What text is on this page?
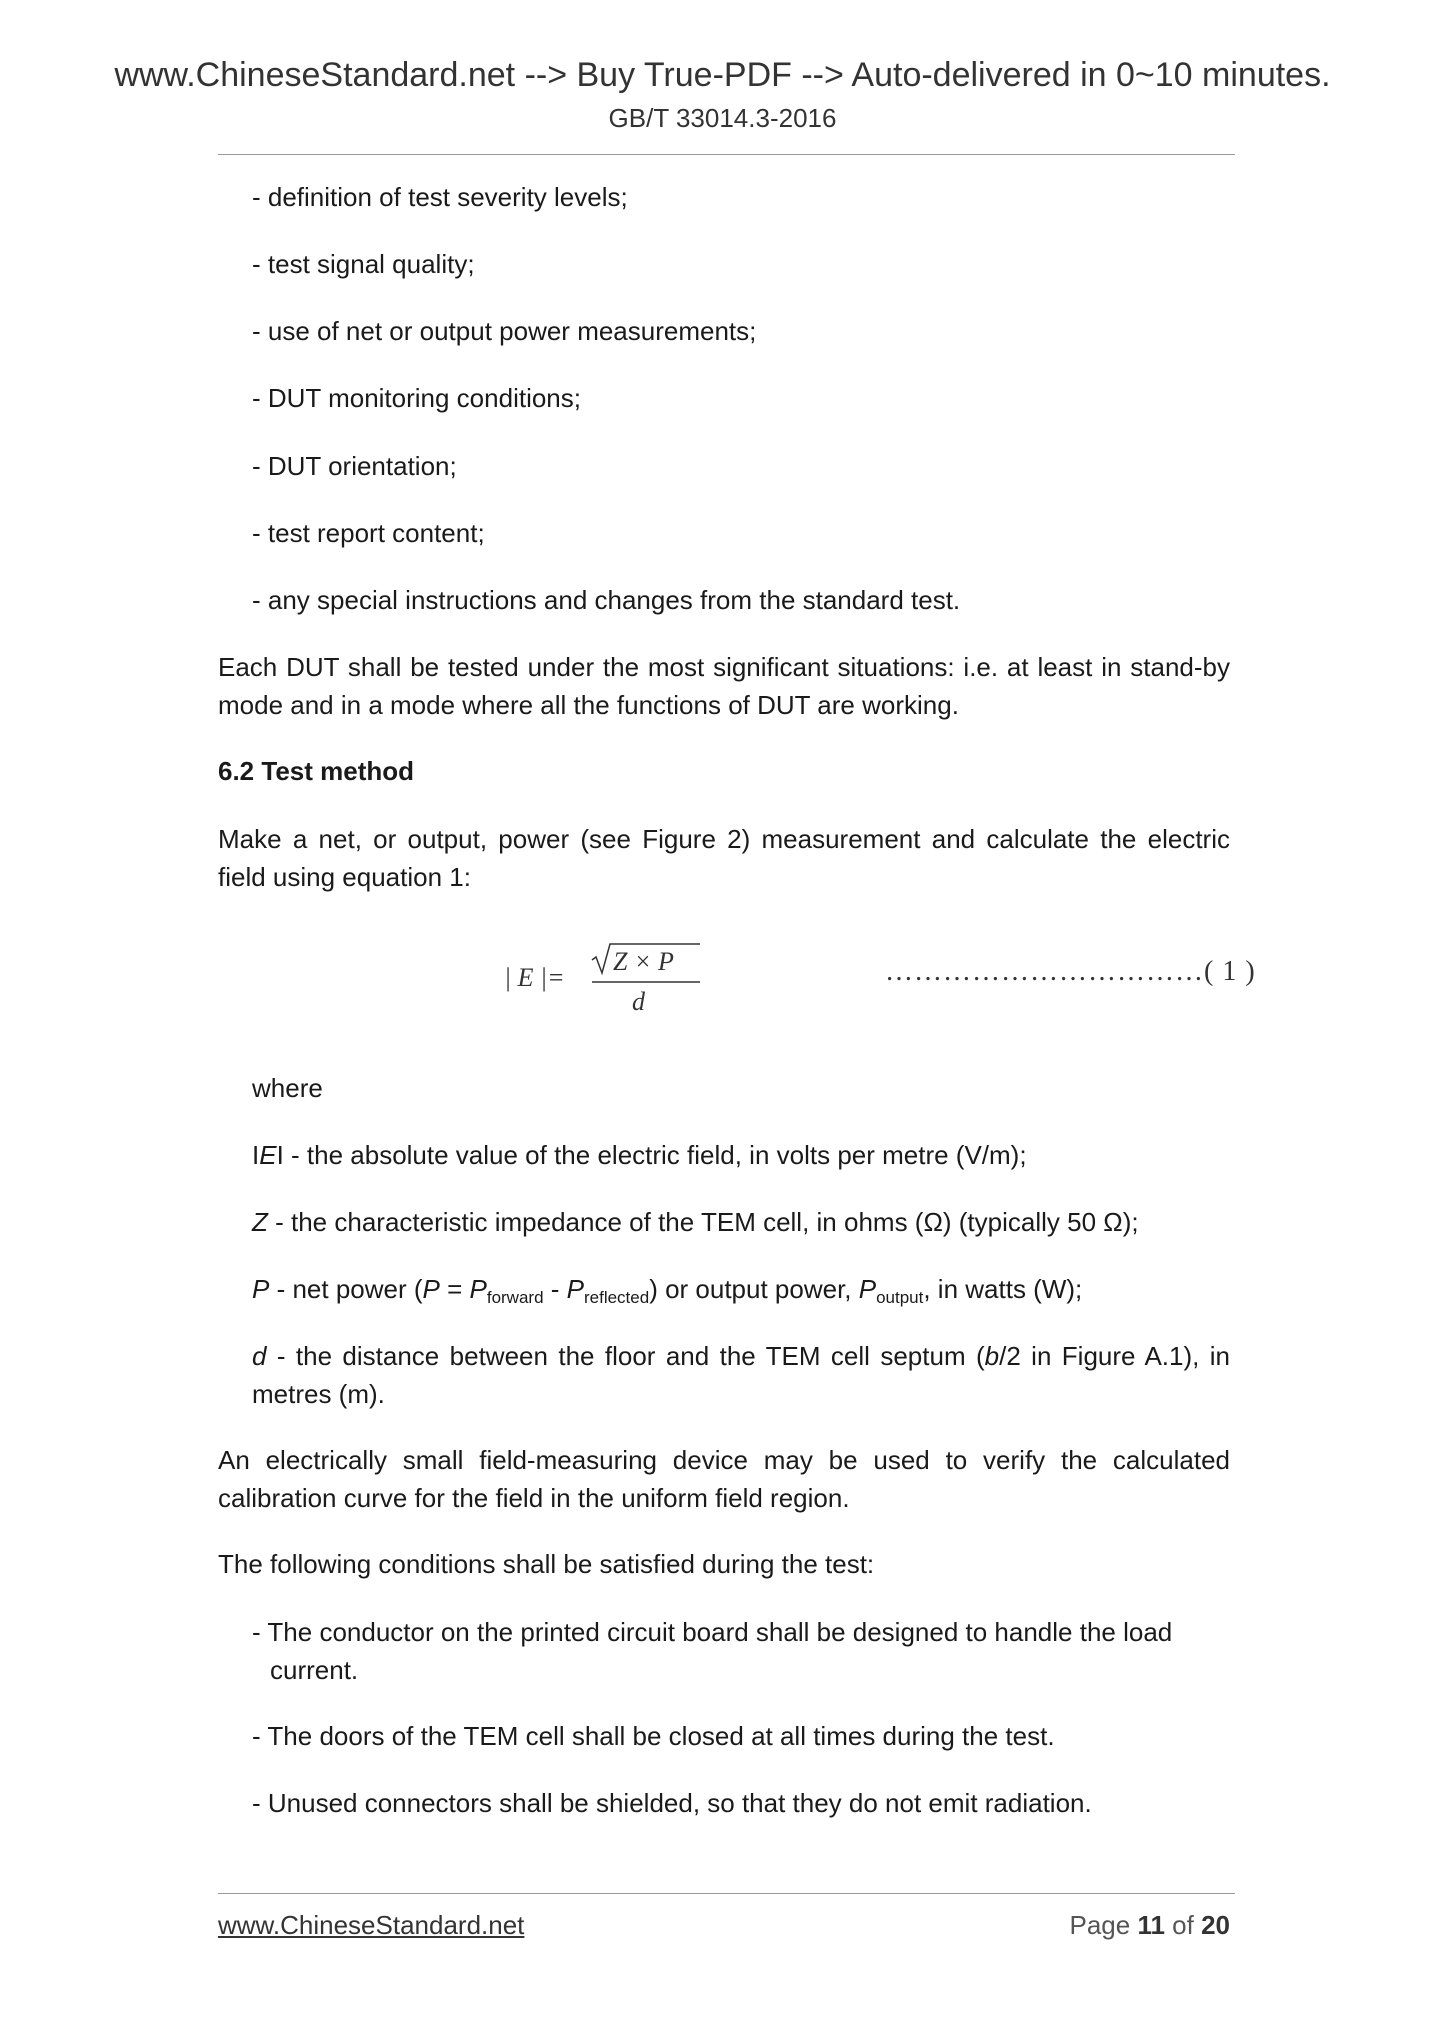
www.ChineseStandard.net --> Buy True-PDF --> Auto-delivered in 0~10 minutes.
GB/T 33014.3-2016
- definition of test severity levels;
- test signal quality;
- use of net or output power measurements;
- DUT monitoring conditions;
- DUT orientation;
- test report content;
- any special instructions and changes from the standard test.
Each DUT shall be tested under the most significant situations: i.e. at least in stand-by mode and in a mode where all the functions of DUT are working.
6.2 Test method
Make a net, or output, power (see Figure 2) measurement and calculate the electric field using equation 1:
| E |=
Z × P
d
……………………………( 1 )
where
IEI - the absolute value of the electric field, in volts per metre (V/m);
Z - the characteristic impedance of the TEM cell, in ohms (Ω) (typically 50 Ω);
P - net power $(P = P_{forward} - P_{reflected})$ or output power, $P_{output}$, in watts (W);
d - the distance between the floor and the TEM cell septum (b/2 in Figure A.1), in metres (m).
An electrically small field-measuring device may be used to verify the calculated calibration curve for the field in the uniform field region.
The following conditions shall be satisfied during the test:
- The conductor on the printed circuit board shall be designed to handle the load
current.
- The doors of the TEM cell shall be closed at all times during the test.
- Unused connectors shall be shielded, so that they do not emit radiation.
www.ChineseStandard.net	Page 11 of 20
